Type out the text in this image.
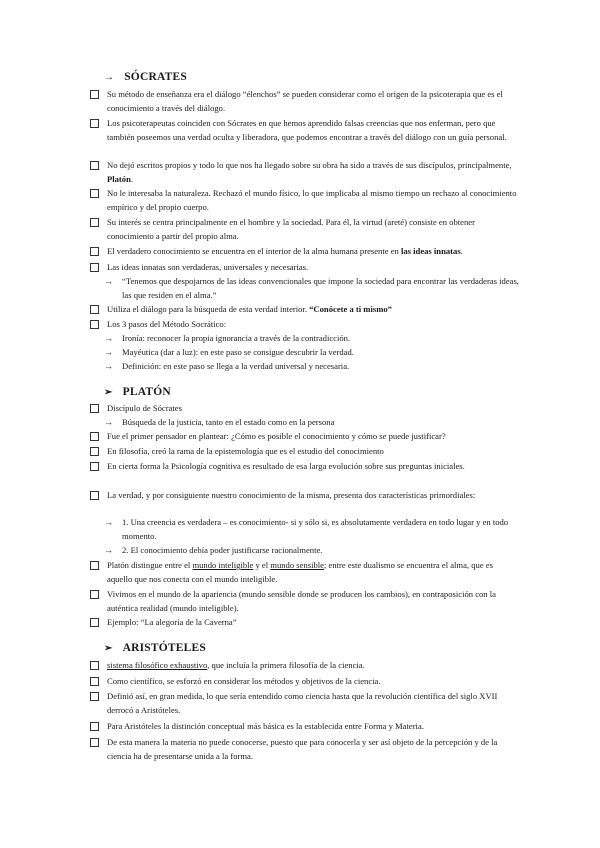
→ SÓCRATES
Su método de enseñanza era el diálogo “élenchos” se pueden considerar como el origen de la psicoterapia que es el conocimiento a través del diálogo.
Los psicoterapeutas coinciden con Sócrates en que hemos aprendido falsas creencias que nos enferman, pero que también poseemos una verdad oculta y liberadora, que podemos encontrar a través del diálogo con un guía personal.
No dejó escritos propios y todo lo que nos ha llegado sobre su obra ha sido a través de sus discípulos, principalmente, Platón.
No le interesaba la naturaleza. Rechazó el mundo físico, lo que implicaba al mismo tiempo un rechazo al conocimiento empírico y del propio cuerpo.
Su interés se centra principalmente en el hombre y la sociedad. Para él, la virtud (areté) consiste en obtener conocimiento a partir del propio alma.
El verdadero conocimiento se encuentra en el interior de la alma humana presente en las ideas innatas.
Las ideas innatas son verdaderas, universales y necesarias.
→ “Tenemos que despojarnos de las ideas convencionales que impone la sociedad para encontrar las verdaderas ideas, las que residen en el alma.”
Utiliza el diálogo para la búsqueda de esta verdad interior. “Conócete a ti mismo”
Los 3 pasos del Método Socrático:
→ Ironía: reconocer la propia ignorancia a través de la contradicción.
→ Mayéutica (dar a luz): en este paso se consigue descubrir la verdad.
→ Definición: en este paso se llega a la verdad universal y necesaria.
➢ PLATÓN
Discípulo de Sócrates
→ Búsqueda de la justicia, tanto en el estado como en la persona
Fue el primer pensador en plantear: ¿Cómo es posible el conocimiento y cómo se puede justificar?
En filosofía, creó la rama de la epistemología que es el estudio del conocimiento
En cierta forma la Psicología cognitiva es resultado de esa larga evolución sobre sus preguntas iniciales.
La verdad, y por consiguiente nuestro conocimiento de la misma, presenta dos características primordiales:
→ 1. Una creencia es verdadera – es conocimiento- si y sólo si, es absolutamente verdadera en todo lugar y en todo momento.
→ 2. El conocimiento debía poder justificarse racionalmente.
Platón distingue entre el mundo inteligible y el mundo sensible; entre este dualismo se encuentra el alma, que es aquello que nos conecta con el mundo inteligible.
Vivimos en el mundo de la apariencia (mundo sensible donde se producen los cambios), en contraposición con la auténtica realidad (mundo inteligible).
Ejemplo: “La alegoría de la Caverna”
➢ ARISTÓTELES
sistema filosófico exhaustivo, que incluía la primera filosofía de la ciencia.
Como científico, se esforzó en considerar los métodos y objetivos de la ciencia.
Definió así, en gran medida, lo que sería entendido como ciencia hasta que la revolución científica del siglo XVII derrocó a Aristóteles.
Para Aristóteles la distinción conceptual más básica es la establecida entre Forma y Materia.
De esta manera la materia no puede conocerse, puesto que para conocerla y ser así objeto de la percepción y de la ciencia ha de presentarse unida a la forma.
